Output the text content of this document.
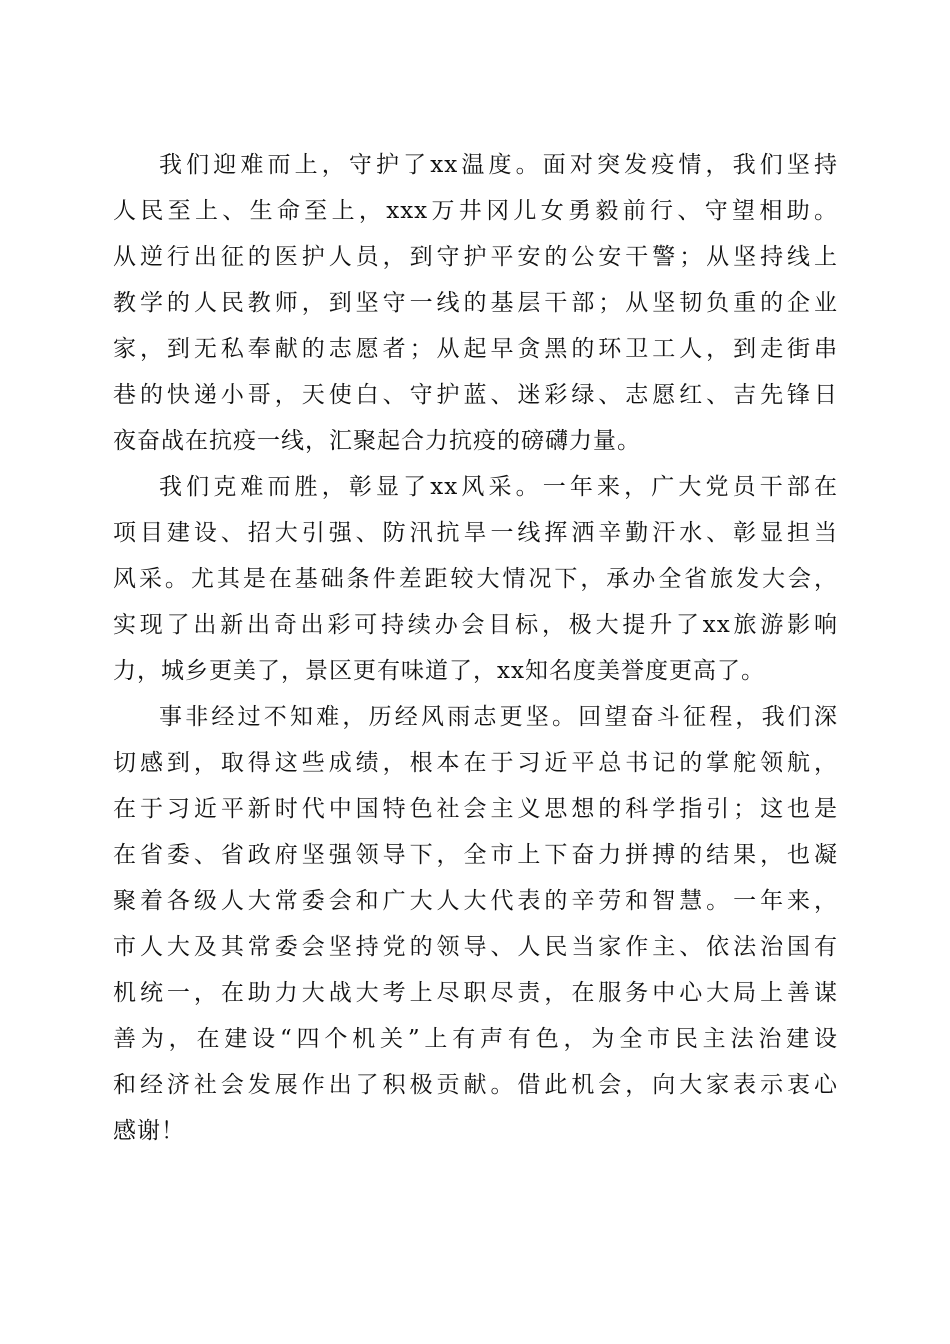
我们迎难而上，守护了xx温度。面对突发疫情，我们坚持
人民至上、生命至上，xxx万井冈儿女勇毅前行、守望相助。
从逆行出征的医护人员，到守护平安的公安干警；从坚持线上
教学的人民教师，到坚守一线的基层干部；从坚韧负重的企业
家，到无私奉献的志愿者；从起早贪黑的环卫工人，到走街串
巷的快递小哥，天使白、守护蓝、迷彩绿、志愿红、吉先锋日
夜奋战在抗疫一线，汇聚起合力抗疫的磅礴力量。
我们克难而胜，彰显了xx风采。一年来，广大党员干部在
项目建设、招大引强、防汛抗旱一线挥洒辛勤汗水、彰显担当
风采。尤其是在基础条件差距较大情况下，承办全省旅发大会，
实现了出新出奇出彩可持续办会目标，极大提升了xx旅游影响
力，城乡更美了，景区更有味道了，xx知名度美誉度更高了。
事非经过不知难，历经风雨志更坚。回望奋斗征程，我们深
切感到，取得这些成绩，根本在于习近平总书记的掌舵领航，
在于习近平新时代中国特色社会主义思想的科学指引；这也是
在省委、省政府坚强领导下，全市上下奋力拼搏的结果，也凝
聚着各级人大常委会和广大人大代表的辛劳和智慧。一年来，
市人大及其常委会坚持党的领导、人民当家作主、依法治国有
机统一，在助力大战大考上尽职尽责，在服务中心大局上善谋
善为，在建设“四个机关”上有声有色，为全市民主法治建设
和经济社会发展作出了积极贡献。借此机会，向大家表示衷心
感谢！
